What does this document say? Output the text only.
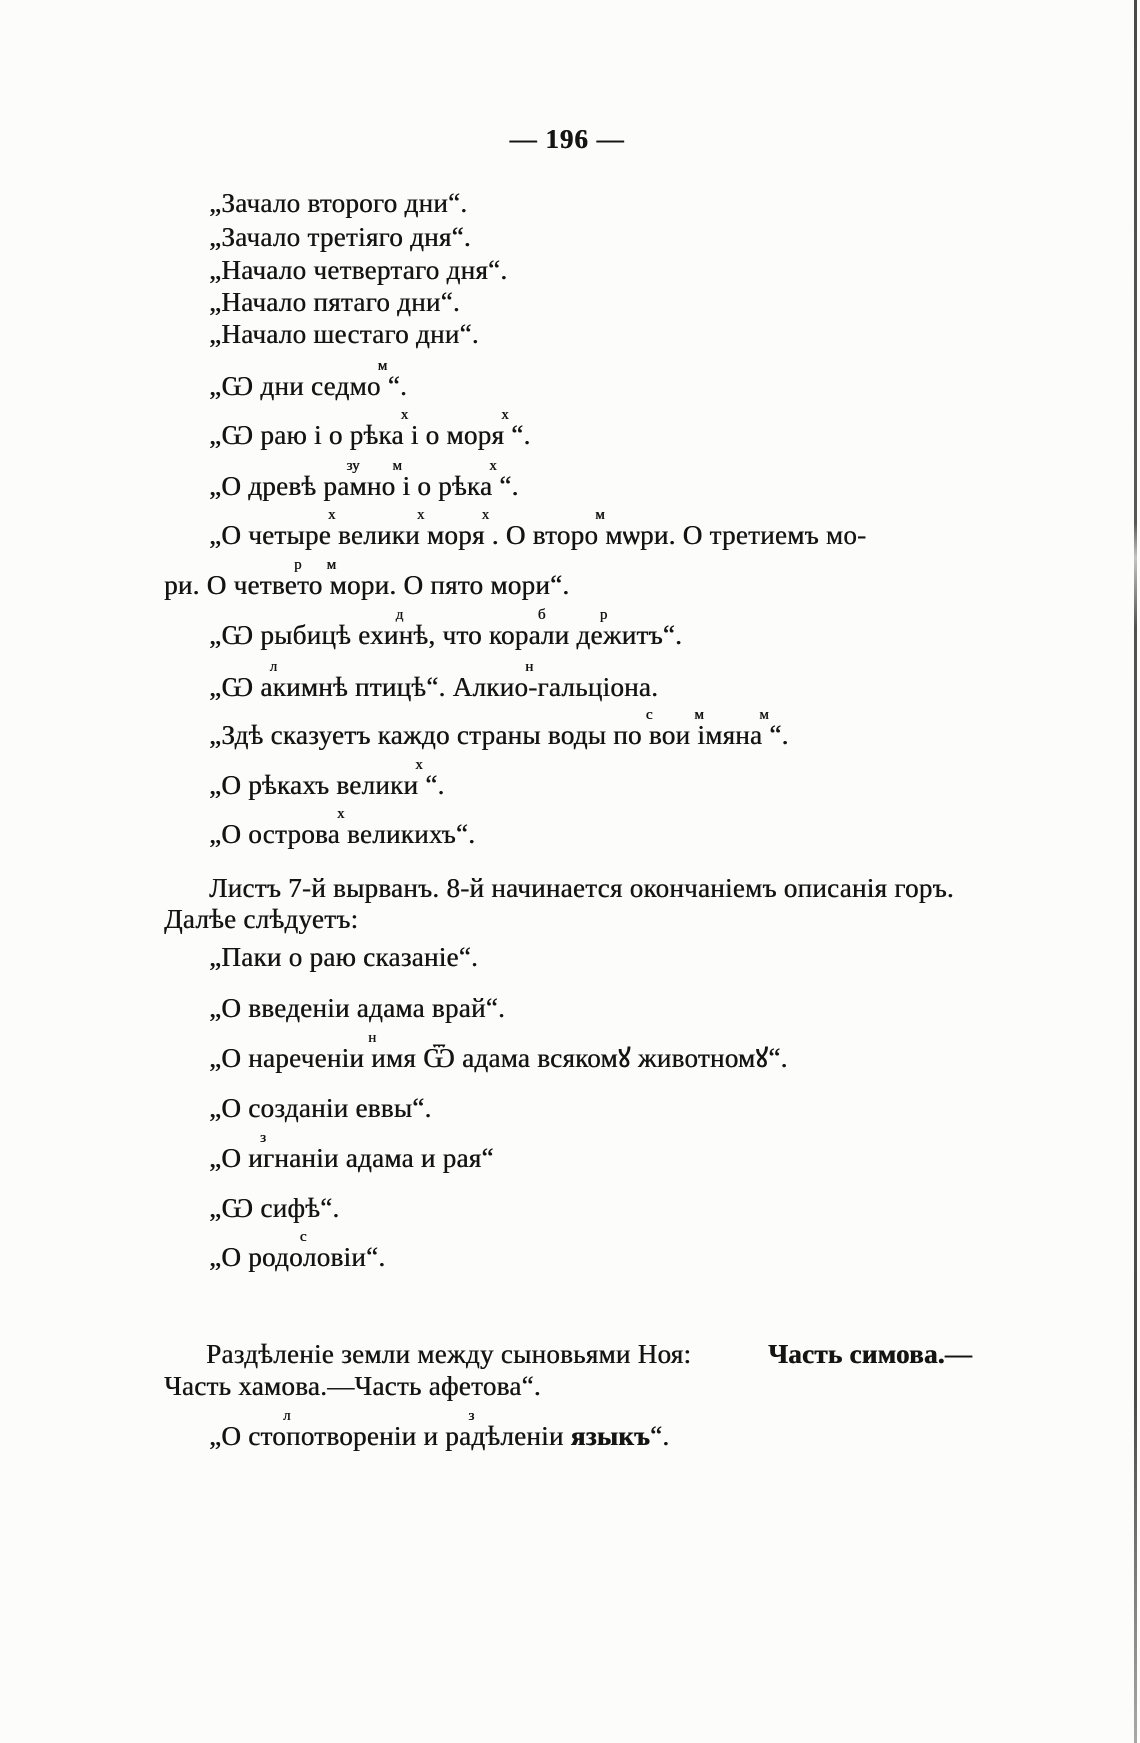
— 196 —
„Зачало второго дни“.
„Зачало третіяго дня“.
„Начало четвертаго дня“.
„Начало пятаго дни“.
„Начало шестаго дни“.
„Ѡ дни седмом “.
„Ѡ раю і о рѣках і о морях “.
„О древѣ разумном і о рѣках “.
„О четырех великих морях . О втором мѡри. О третиемъ мо-
ри. О четверто ммори. О пято мори“.
„Ѡ рыбицѣ ехиднѣ, что корабли держитъ“.
„Ѡ алкимнѣ птицѣ“. Алкион-гальціона.
„Здѣ сказуетъ каждо страны воды по свои мімянам “.
„О рѣкахъ великих “.
„О островах великихъ“.
Листъ 7-й вырванъ. 8-й начинается окончаніемъ описанія горъ.
Далѣе слѣдуетъ:
„Паки о раю сказаніе“.
„О введеніи адама врай“.
„О нареченіи нимя Ѿ адама всякомꙋ животномꙋ“.
„О созданіи еввы“.
„О изгнаніи адама и рая“
„Ѡ сифѣ“.
„О родословіи“.
Раздѣленіе земли между сыновьями Ноя:	Часть симова.—
Часть хамова.—Часть афетова“.
„О столпотвореніи и раздѣленіи языкъ“.
